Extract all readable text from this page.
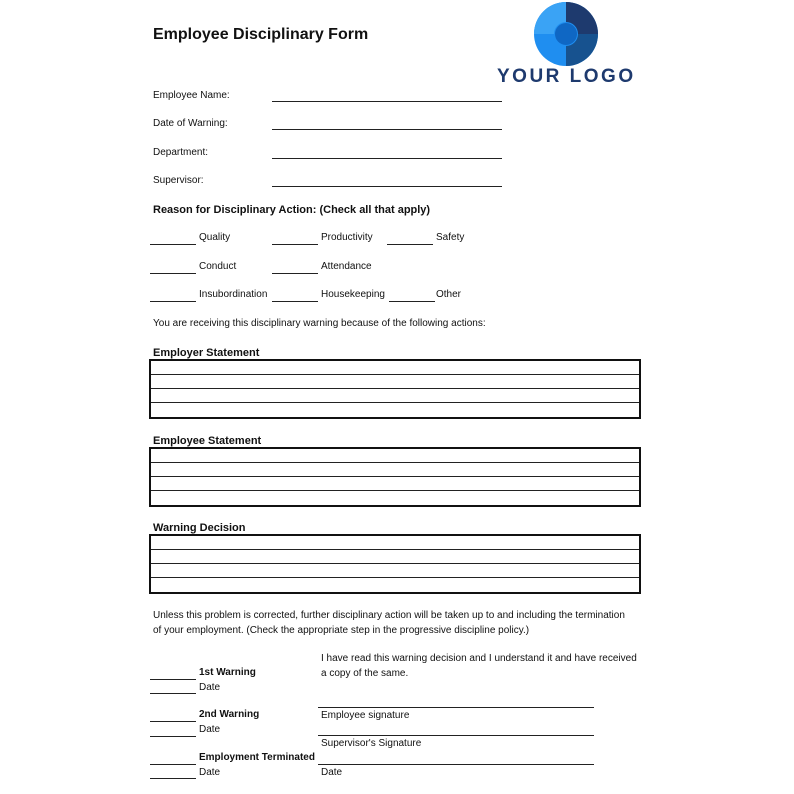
Employee Disciplinary Form
YOUR LOGO
Employee Name:
Date of Warning:
Department:
Supervisor:
Reason for Disciplinary Action: (Check all that apply)
Quality	Productivity	Safety
Conduct	Attendance
Insubordination	Housekeeping	Other
You are receiving this disciplinary warning because of the following actions:
Employer Statement
Employee Statement
Warning Decision
Unless this problem is corrected, further disciplinary action will be taken up to and including the termination
of your employment. (Check the appropriate step in the progressive discipline policy.)
I have read this warning decision and I understand it and have received
a copy of the same.
1st Warning
Date
2nd Warning
Date
Employment Terminated
Date
Employee signature
Supervisor's Signature
Date
